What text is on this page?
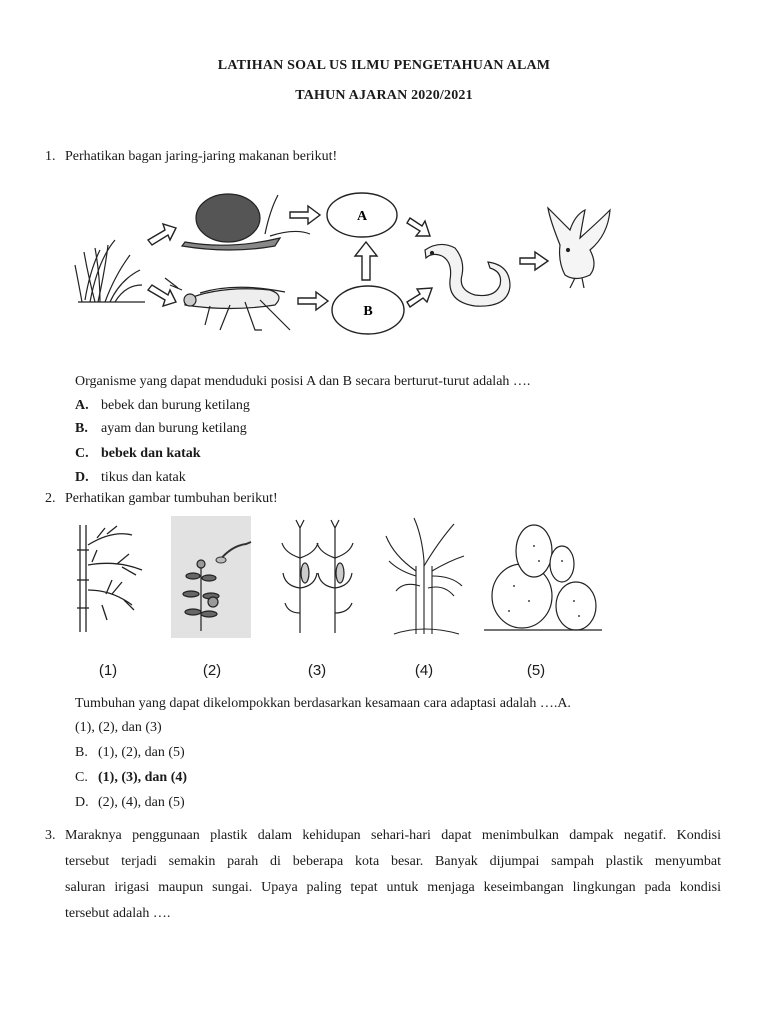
LATIHAN SOAL US ILMU PENGETAHUAN ALAM
TAHUN AJARAN 2020/2021
1. Perhatikan bagan jaring-jaring makanan berikut!
A
B
Organisme yang dapat menduduki posisi A dan B secara berturut-turut adalah ….
A. bebek dan burung ketilang
B. ayam dan burung ketilang
C. bebek dan katak
D. tikus dan katak
2. Perhatikan gambar tumbuhan berikut!
(1)	(2)	(3)	(4)	(5)
Tumbuhan yang dapat dikelompokkan berdasarkan kesamaan cara adaptasi adalah ….A.
(1), (2), dan (3)
B. (1), (2), dan (5)
C. (1), (3), dan (4)
D. (2), (4), dan (5)
3. Maraknya penggunaan plastik dalam kehidupan sehari-hari dapat menimbulkan dampak negatif. Kondisi
tersebut terjadi semakin parah di beberapa kota besar. Banyak dijumpai sampah plastik menyumbat
saluran irigasi maupun sungai. Upaya paling tepat untuk menjaga keseimbangan lingkungan pada kondisi
tersebut adalah ….
